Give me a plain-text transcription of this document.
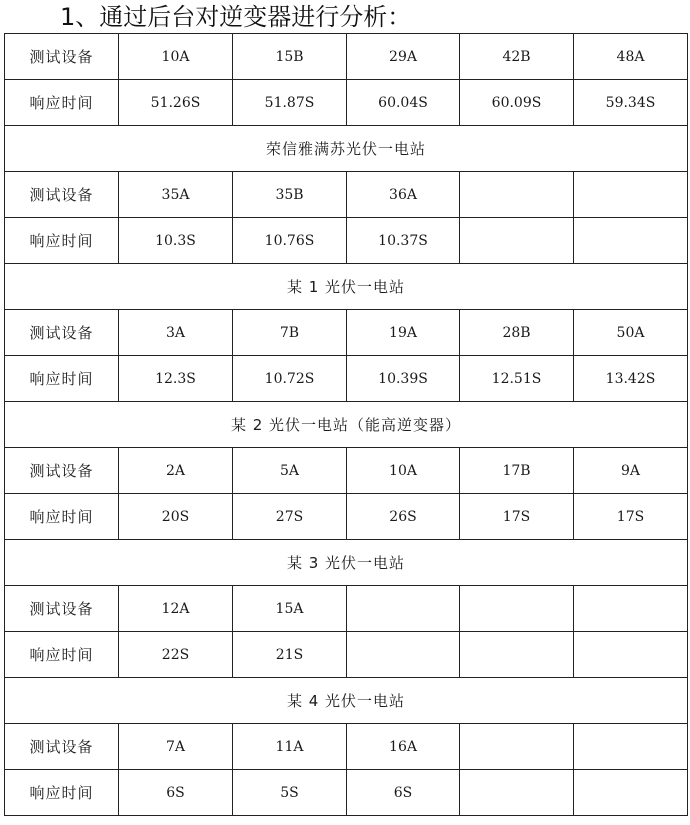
1、通过后台对逆变器进行分析：
测试设备	10A	15B	29A	42B	48A
响应时间	51.26S	51.87S	60.04S	60.09S	59.34S
荣信雅满苏光伏一电站					
测试设备	35A	35B	36A		
响应时间	10.3S	10.76S	10.37S		
某 1 光伏一电站					
测试设备	3A	7B	19A	28B	50A
响应时间	12.3S	10.72S	10.39S	12.51S	13.42S
某 2 光伏一电站（能高逆变器）					
测试设备	2A	5A	10A	17B	9A
响应时间	20S	27S	26S	17S	17S
某 3 光伏一电站					
测试设备	12A	15A			
响应时间	22S	21S			
某 4 光伏一电站					
测试设备	7A	11A	16A		
响应时间	6S	5S	6S		
